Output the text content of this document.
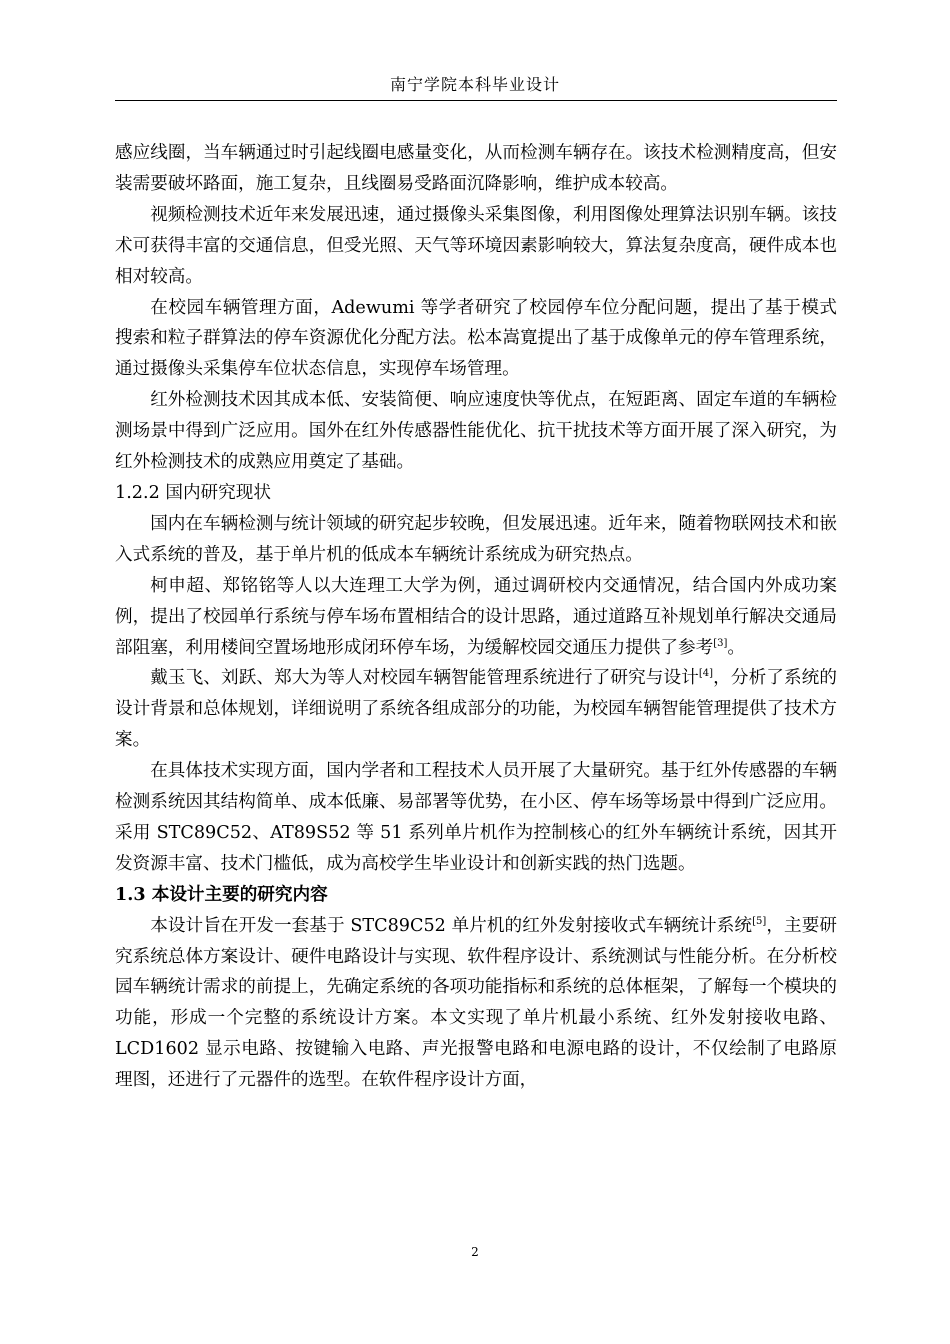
南宁学院本科毕业设计

感应线圈，当车辆通过时引起线圈电感量变化，从而检测车辆存在。该技术检测精度高，但安装需要破坏路面，施工复杂，且线圈易受路面沉降影响，维护成本较高。

视频检测技术近年来发展迅速，通过摄像头采集图像，利用图像处理算法识别车辆。该技术可获得丰富的交通信息，但受光照、天气等环境因素影响较大，算法复杂度高，硬件成本也相对较高。

在校园车辆管理方面，Adewumi 等学者研究了校园停车位分配问题，提出了基于模式搜索和粒子群算法的停车资源优化分配方法。松本嵩寛提出了基于成像单元的停车管理系统，通过摄像头采集停车位状态信息，实现停车场管理。

红外检测技术因其成本低、安装简便、响应速度快等优点，在短距离、固定车道的车辆检测场景中得到广泛应用。国外在红外传感器性能优化、抗干扰技术等方面开展了深入研究，为红外检测技术的成熟应用奠定了基础。

1.2.2 国内研究现状

国内在车辆检测与统计领域的研究起步较晚，但发展迅速。近年来，随着物联网技术和嵌入式系统的普及，基于单片机的低成本车辆统计系统成为研究热点。

柯申超、郑铭铭等人以大连理工大学为例，通过调研校内交通情况，结合国内外成功案例，提出了校园单行系统与停车场布置相结合的设计思路，通过道路互补规划单行解决交通局部阻塞，利用楼间空置场地形成闭环停车场，为缓解校园交通压力提供了参考[3]。

戴玉飞、刘跃、郑大为等人对校园车辆智能管理系统进行了研究与设计[4]，分析了系统的设计背景和总体规划，详细说明了系统各组成部分的功能，为校园车辆智能管理提供了技术方案。

在具体技术实现方面，国内学者和工程技术人员开展了大量研究。基于红外传感器的车辆检测系统因其结构简单、成本低廉、易部署等优势，在小区、停车场等场景中得到广泛应用。采用 STC89C52、AT89S52 等 51 系列单片机作为控制核心的红外车辆统计系统，因其开发资源丰富、技术门槛低，成为高校学生毕业设计和创新实践的热门选题。

1.3 本设计主要的研究内容

本设计旨在开发一套基于 STC89C52 单片机的红外发射接收式车辆统计系统[5]，主要研究系统总体方案设计、硬件电路设计与实现、软件程序设计、系统测试与性能分析。在分析校园车辆统计需求的前提上，先确定系统的各项功能指标和系统的总体框架，了解每一个模块的功能，形成一个完整的系统设计方案。本文实现了单片机最小系统、红外发射接收电路、LCD1602 显示电路、按键输入电路、声光报警电路和电源电路的设计，不仅绘制了电路原理图，还进行了元器件的选型。在软件程序设计方面，

2
